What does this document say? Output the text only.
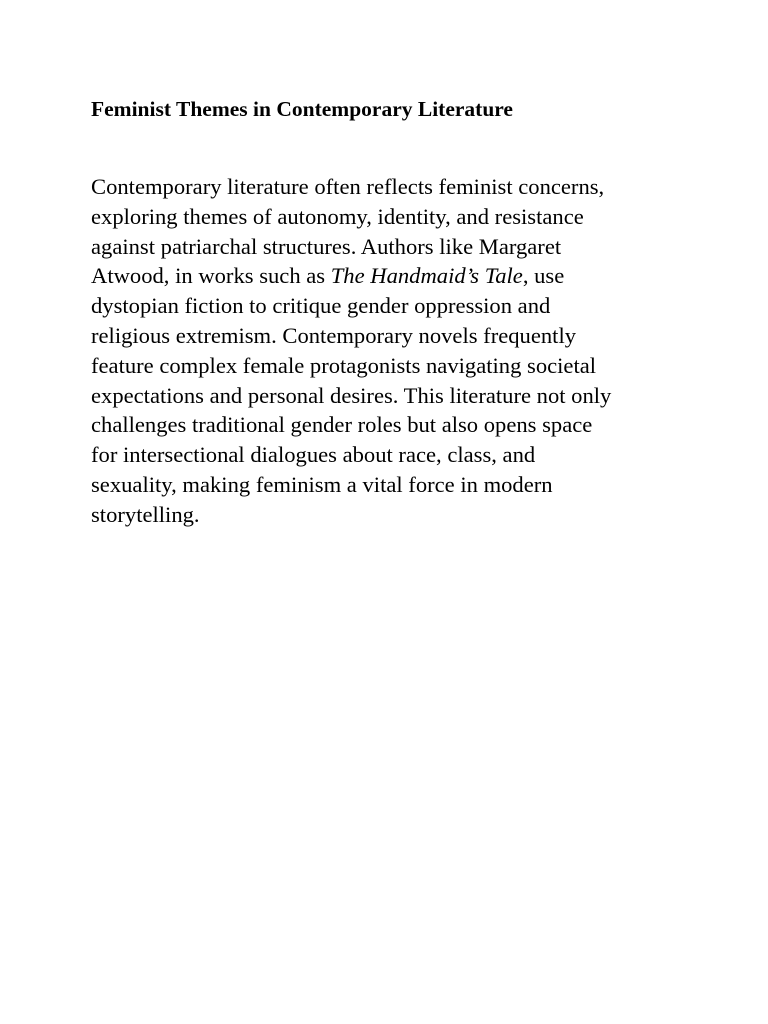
Feminist Themes in Contemporary Literature

Contemporary literature often reflects feminist concerns,
exploring themes of autonomy, identity, and resistance
against patriarchal structures. Authors like Margaret
Atwood, in works such as The Handmaid’s Tale, use
dystopian fiction to critique gender oppression and
religious extremism. Contemporary novels frequently
feature complex female protagonists navigating societal
expectations and personal desires. This literature not only
challenges traditional gender roles but also opens space
for intersectional dialogues about race, class, and
sexuality, making feminism a vital force in modern
storytelling.
